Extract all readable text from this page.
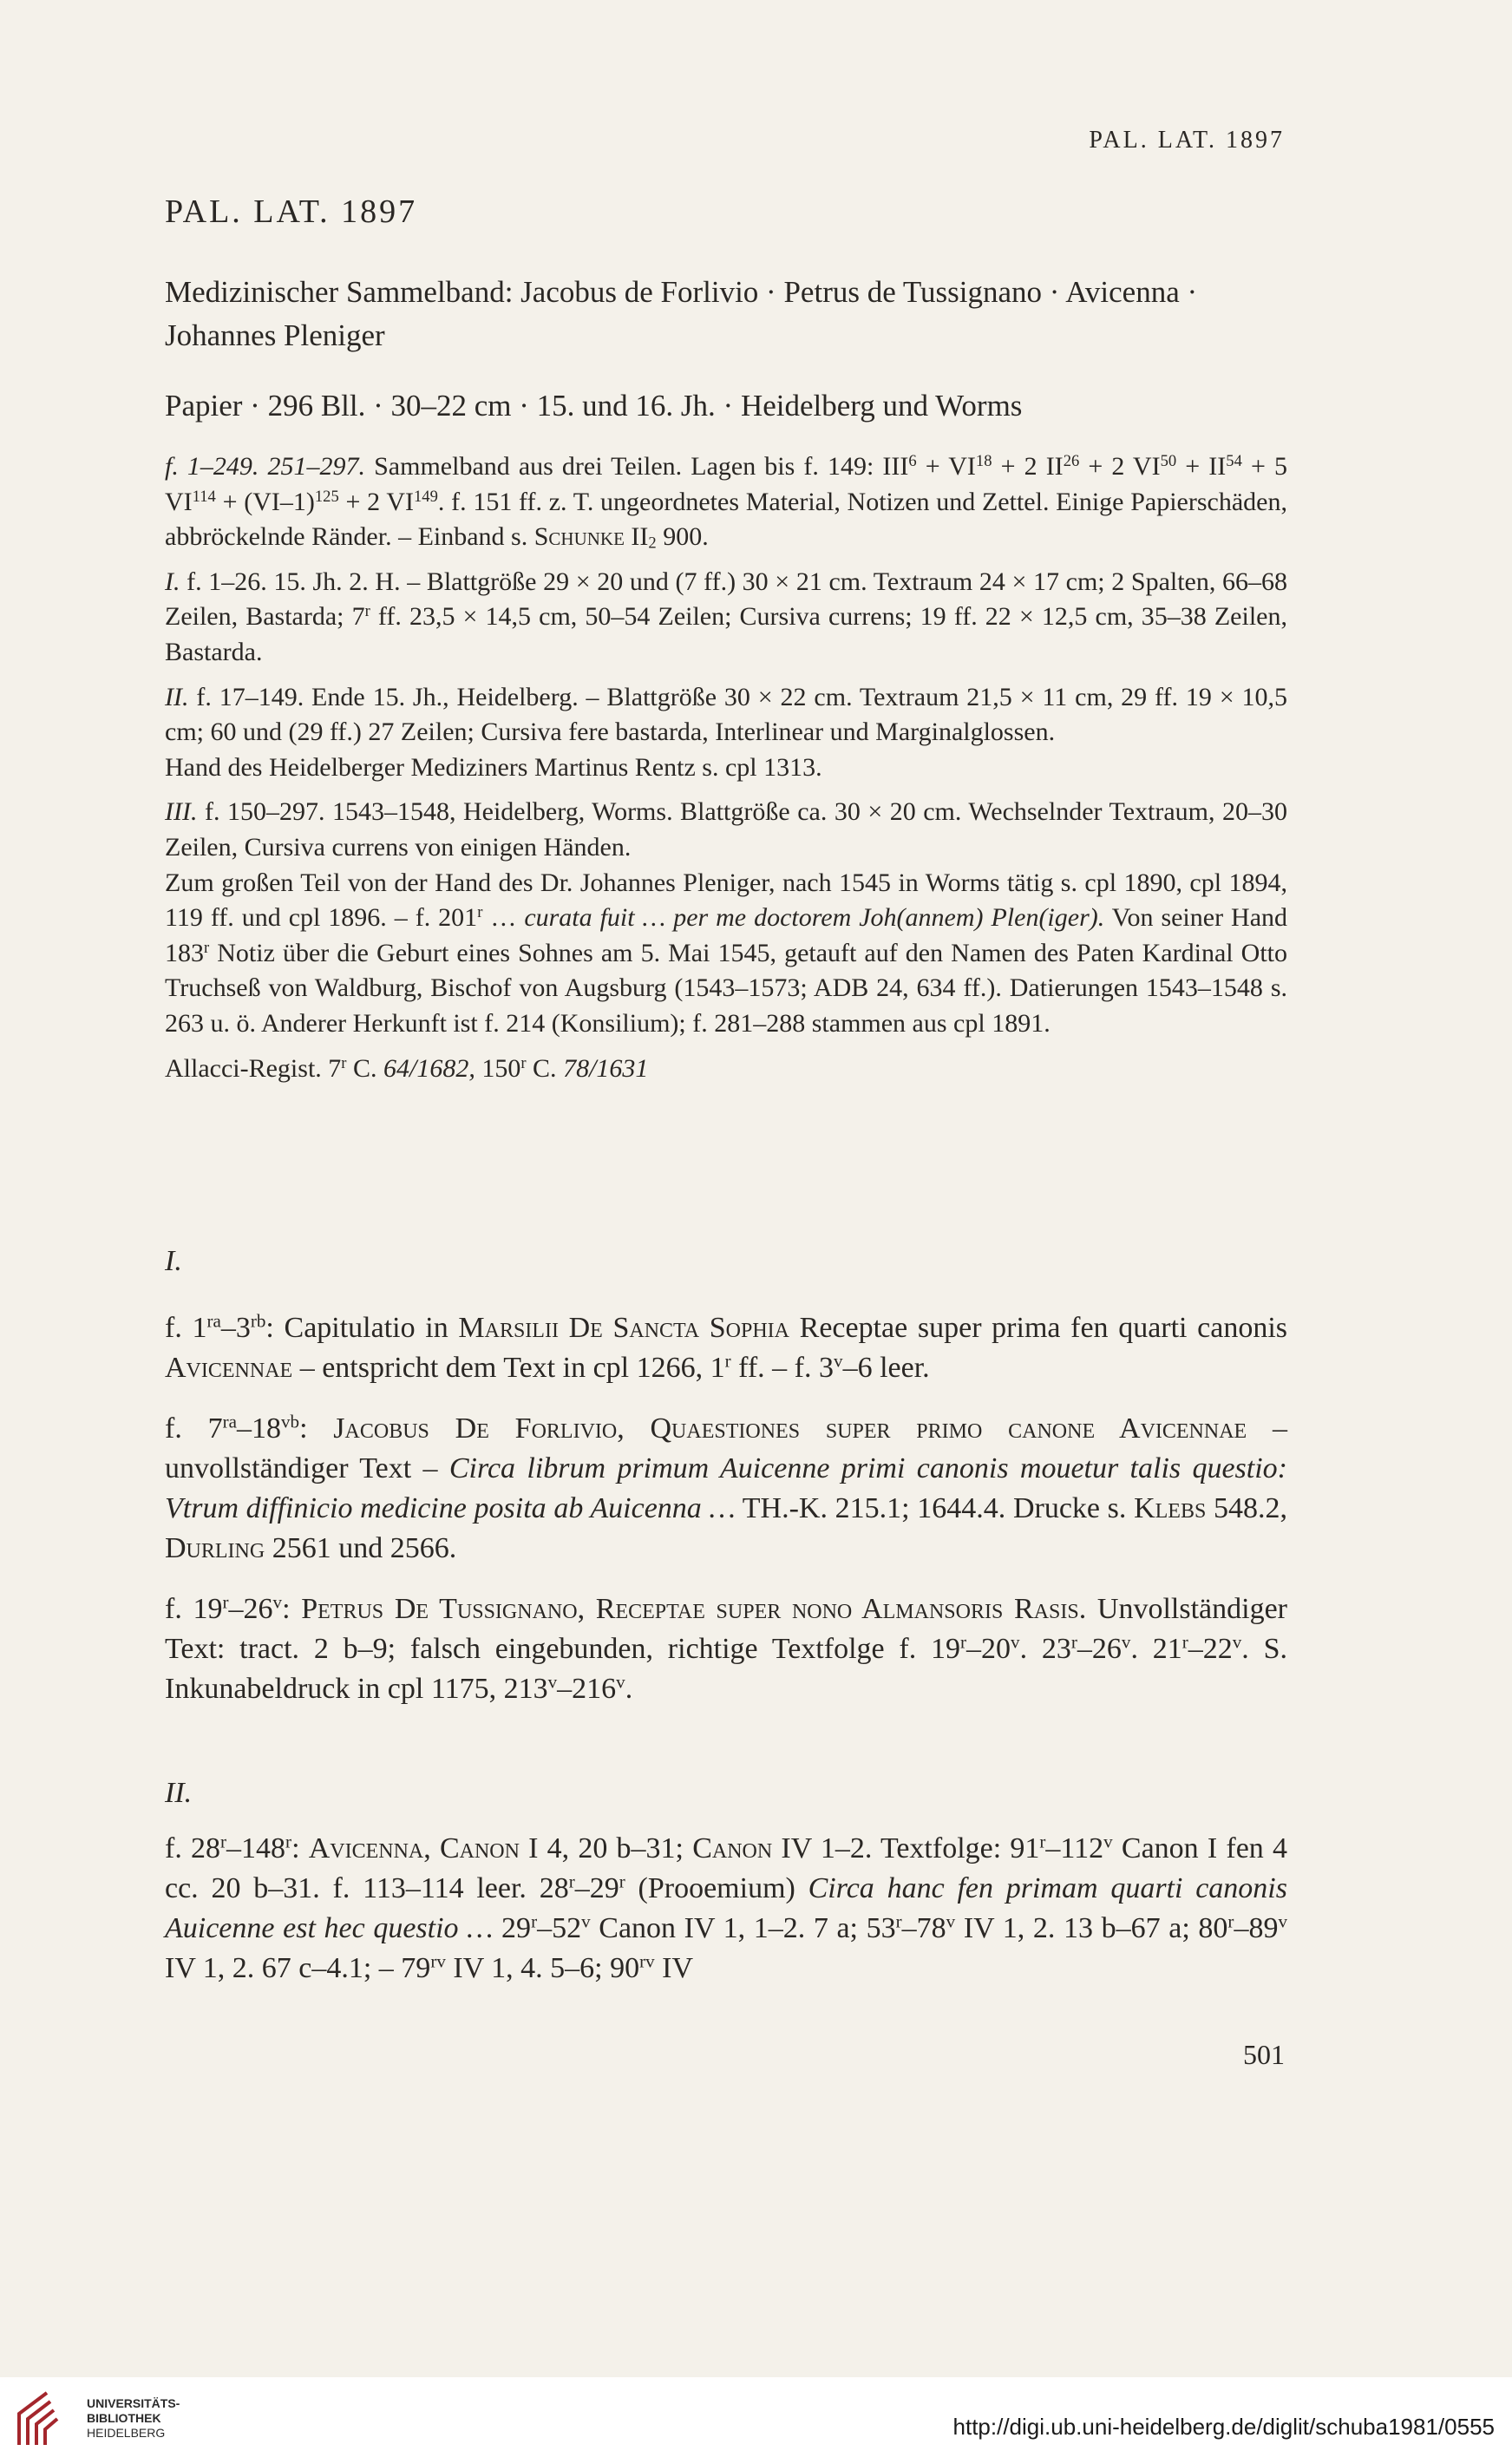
PAL. LAT. 1897
PAL. LAT. 1897
Medizinischer Sammelband: Jacobus de Forlivio · Petrus de Tussignano · Avicenna · Johannes Pleniger
Papier · 296 Bll. · 30–22 cm · 15. und 16. Jh. · Heidelberg und Worms

f. 1–249. 251–297. Sammelband aus drei Teilen. Lagen bis f. 149: $III^6 + VI^{18} + 2$ $II^{26} + 2$ $VI^{50} + II^{54} + 5$ $VI^{114} + (VI-1)^{125} + 2$ VI$^{149}$. f. 151 ff. z. T. ungeordnetes Material, Notizen und Zettel. Einige Papierschäden, abbröckelnde Ränder. – Einband s. Schunke $II_2$ 900.

I. f. 1–26. 15. Jh. 2. H. – Blattgröße 29 × 20 und (7 ff.) 30 × 21 cm. Textraum 24 × 17 cm; 2 Spalten, 66–68 Zeilen, Bastarda; 7$^r$ ff. 23,5 × 14,5 cm, 50–54 Zeilen; Cursiva currens; 19 ff. 22 × 12,5 cm, 35–38 Zeilen, Bastarda.

II. f. 17–149. Ende 15. Jh., Heidelberg. – Blattgröße 30 × 22 cm. Textraum 21,5 × 11 cm, 29 ff. 19 × 10,5 cm; 60 und (29 ff.) 27 Zeilen; Cursiva fere bastarda, Interlinear und Marginalglossen.

Hand des Heidelberger Mediziners Martinus Rentz s. cpl 1313.

III. f. 150–297. 1543–1548, Heidelberg, Worms. Blattgröße ca. 30 × 20 cm. Wechselnder Textraum, 20–30 Zeilen, Cursiva currens von einigen Händen.

Zum großen Teil von der Hand des Dr. Johannes Pleniger, nach 1545 in Worms tätig s. cpl 1890, cpl 1894, 119 ff. und cpl 1896. – f. 201$^r$ … curata fuit … per me doctorem Joh(annem) Plen(iger). Von seiner Hand 183$^r$ Notiz über die Geburt eines Sohnes am 5. Mai 1545, getauft auf den Namen des Paten Kardinal Otto Truchseß von Waldburg, Bischof von Augsburg (1543–1573; ADB 24, 634 ff.). Datierungen 1543–1548 s. 263 u. ö. Anderer Herkunft ist f. 214 (Konsilium); f. 281–288 stammen aus cpl 1891.

Allacci-Regist. 7$^r$ C. 64/1682, 150$^r$ C. 78/1631

I.

f. $1^{ra}-3^{rb}$: Capitulatio in Marsilii De Sancta Sophia Receptae super prima fen quarti canonis Avicennae – entspricht dem Text in cpl 1266, 1$^r$ ff. – f. 3$^v$–6 leer.

f. $7^{ra}-18^{vb}$: Jacobus De Forlivio, Quaestiones super primo canone Avicennae – unvollständiger Text – Circa librum primum Auicenne primi canonis mouetur talis questio: Vtrum diffinicio medicine posita ab Auicenna … TH.-K. 215.1; 1644.4. Drucke s. Klebs 548.2, Durling 2561 und 2566.

f. 19$^r$–26$^v$: Petrus De Tussignano, Receptae super nono Almansoris Rasis. Unvollständiger Text: tract. 2 b–9; falsch eingebunden, richtige Textfolge f. 19$^r$–20$^v$. 23$^r$–26$^v$. 21$^r$–22$^v$. S. Inkunabeldruck in cpl 1175, 213$^v$–216$^v$.

II.

f. 28$^r$–148$^r$: Avicenna, Canon I 4, 20 b–31; Canon IV 1–2. Textfolge: 91$^r$–112$^v$ Canon I fen 4 cc. 20 b–31. f. 113–114 leer. 28$^r$–29$^r$ (Prooemium) Circa hanc fen primam quarti canonis Auicenne est hec questio … 29$^r$–52$^v$ Canon IV 1, 1–2. 7 a; 53$^r$–78$^v$ IV 1, 2. 13 b–67 a; 80$^r$–89$^v$ IV 1, 2. 67 c–4.1; – $79^{rv}$ IV 1, 4. 5–6; $90^{rv}$ IV

501
UNIVERSITÄTS-
BIBLIOTHEK
HEIDELBERG	http://digi.ub.uni-heidelberg.de/diglit/schuba1981/0555
